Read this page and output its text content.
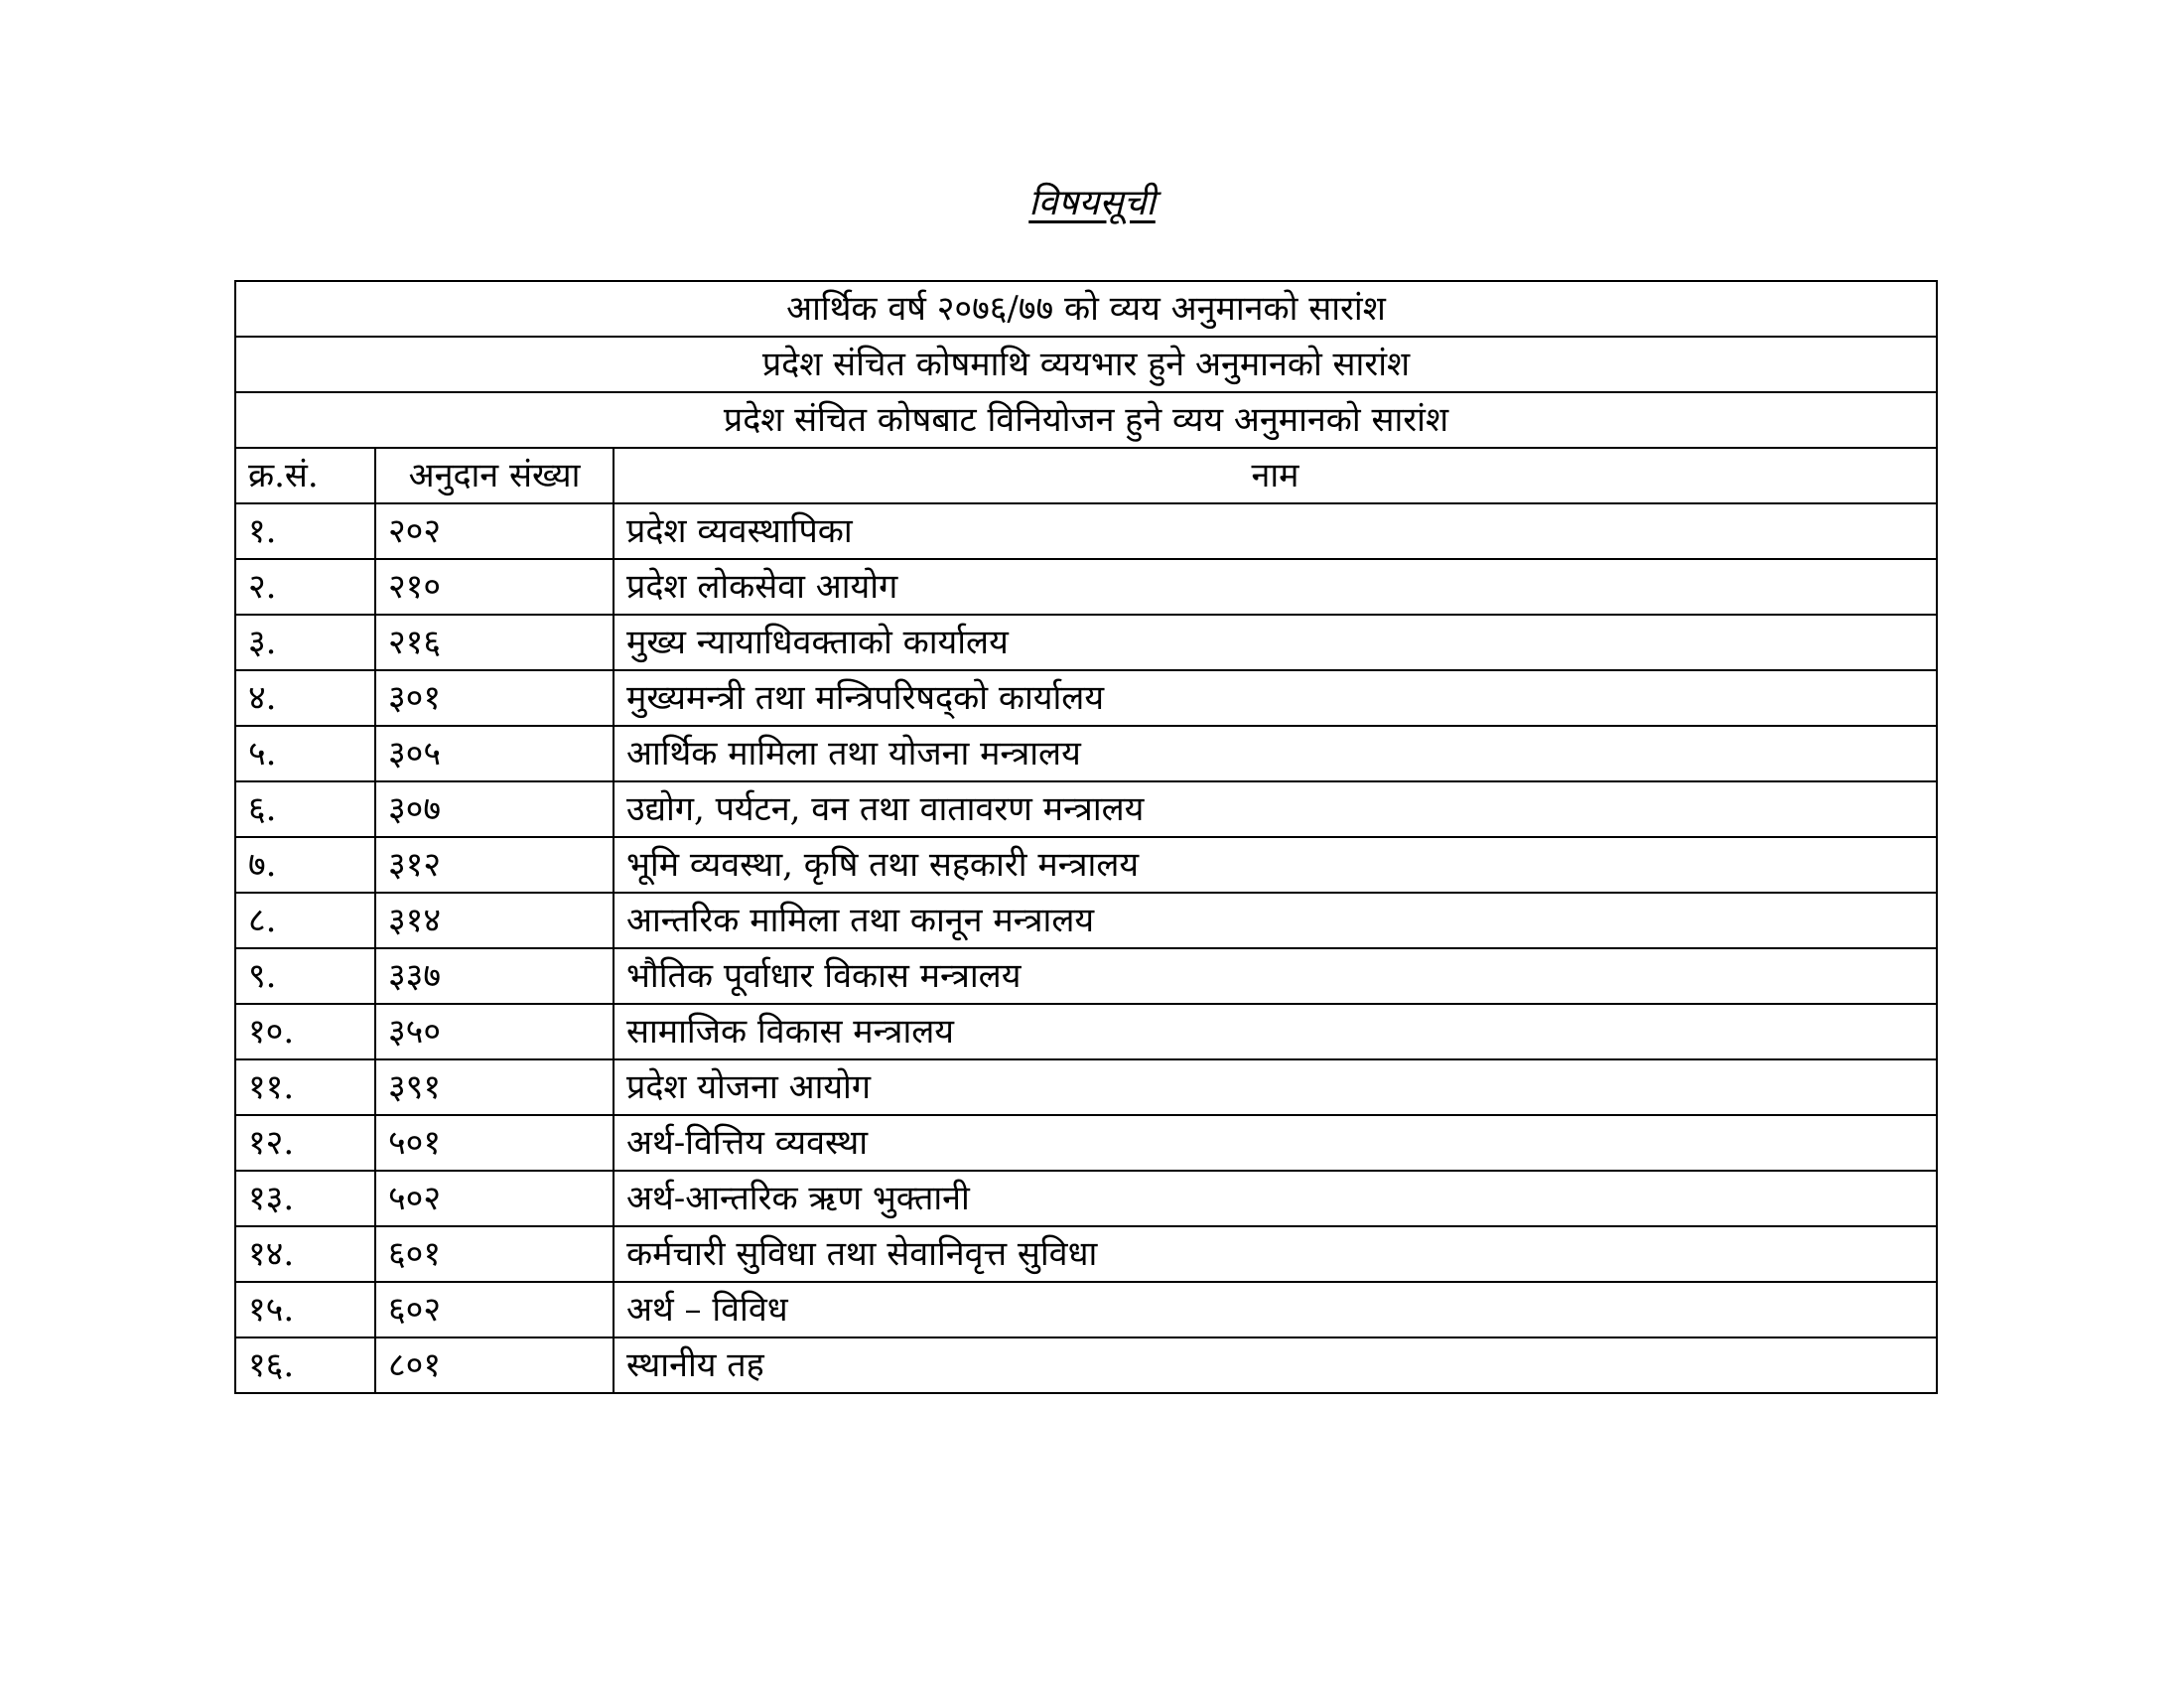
विषयसूची
आर्थिक वर्ष २०७६/७७ को व्यय अनुमानको सारांश		
प्रदेश संचित कोषमाथि व्ययभार हुने अनुमानको सारांश		
प्रदेश संचित कोषबाट विनियोजन हुने व्यय अनुमानको सारांश		
क्र.सं.	अनुदान संख्या	नाम
१.	२०२	प्रदेश व्यवस्थापिका
२.	२१०	प्रदेश लोकसेवा आयोग
३.	२१६	मुख्य न्यायाधिवक्ताको कार्यालय
४.	३०१	मुख्यमन्त्री तथा मन्त्रिपरिषद्को कार्यालय
५.	३०५	आर्थिक मामिला तथा योजना मन्त्रालय
६.	३०७	उद्योग, पर्यटन, वन तथा वातावरण मन्त्रालय
७.	३१२	भूमि व्यवस्था, कृषि तथा सहकारी मन्त्रालय
८.	३१४	आन्तरिक मामिला तथा कानून मन्त्रालय
९.	३३७	भौतिक पूर्वाधार विकास मन्त्रालय
१०.	३५०	सामाजिक विकास मन्त्रालय
११.	३९१	प्रदेश योजना आयोग
१२.	५०१	अर्थ-वित्तिय व्यवस्था
१३.	५०२	अर्थ-आन्तरिक ऋण भुक्तानी
१४.	६०१	कर्मचारी सुविधा तथा सेवानिवृत्त सुविधा
१५.	६०२	अर्थ – विविध
१६.	८०१	स्थानीय तह
